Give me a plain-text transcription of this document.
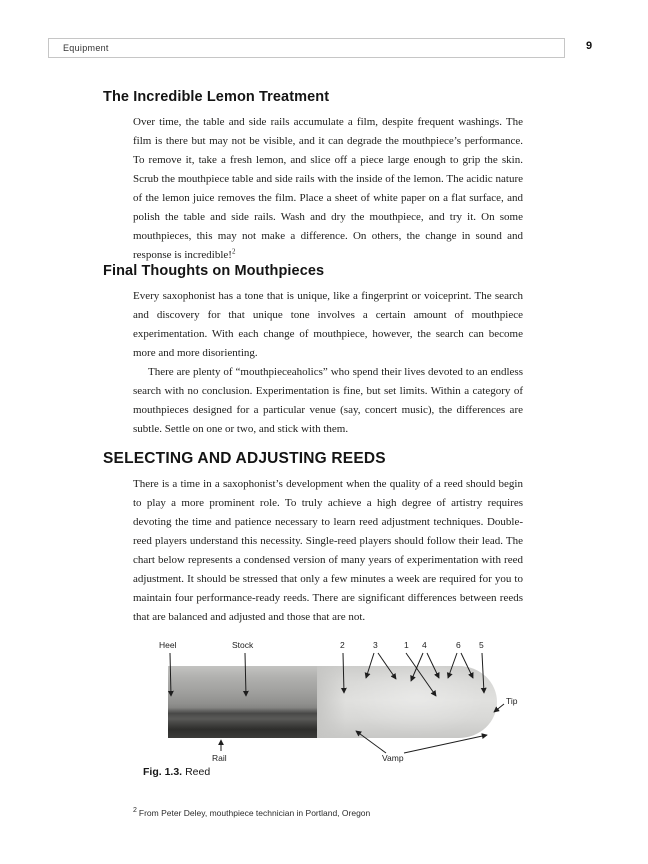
Equipment	9
The Incredible Lemon Treatment

Over time, the table and side rails accumulate a film, despite frequent washings. The film is there but may not be visible, and it can degrade the mouthpiece’s performance. To remove it, take a fresh lemon, and slice off a piece large enough to grip the skin. Scrub the mouthpiece table and side rails with the inside of the lemon. The acidic nature of the lemon juice removes the film. Place a sheet of white paper on a flat surface, and polish the table and side rails. Wash and dry the mouthpiece, and try it. On some mouthpieces, this may not make a difference. On others, the change in sound and response is incredible!$^2$

Final Thoughts on Mouthpieces

Every saxophonist has a tone that is unique, like a fingerprint or voiceprint. The search and discovery for that unique tone involves a certain amount of mouthpiece experimentation. With each change of mouthpiece, however, the search can become more and more disorienting.

There are plenty of “mouthpieceaholics” who spend their lives devoted to an endless search with no conclusion. Experimentation is fine, but set limits. Within a category of mouthpieces designed for a particular venue (say, concert music), the differences are subtle. Settle on one or two, and stick with them.

SELECTING AND ADJUSTING REEDS

There is a time in a saxophonist’s development when the quality of a reed should begin to play a more prominent role. To truly achieve a high degree of artistry requires devoting the time and patience necessary to learn reed adjustment techniques. Double-reed players understand this necessity. Single-reed players should follow their lead. The chart below represents a condensed version of many years of experimentation with reed adjustment. It should be stressed that only a few minutes a week are required for you to maintain four performance-ready reeds. There are significant differences between reeds that are balanced and adjusted and those that are not.

Heel	Stock	2	3	1 4	6 5
Tip
Rail	Vamp
Fig. 1.3. Reed
$^2$ From Peter Deley, mouthpiece technician in Portland, Oregon
